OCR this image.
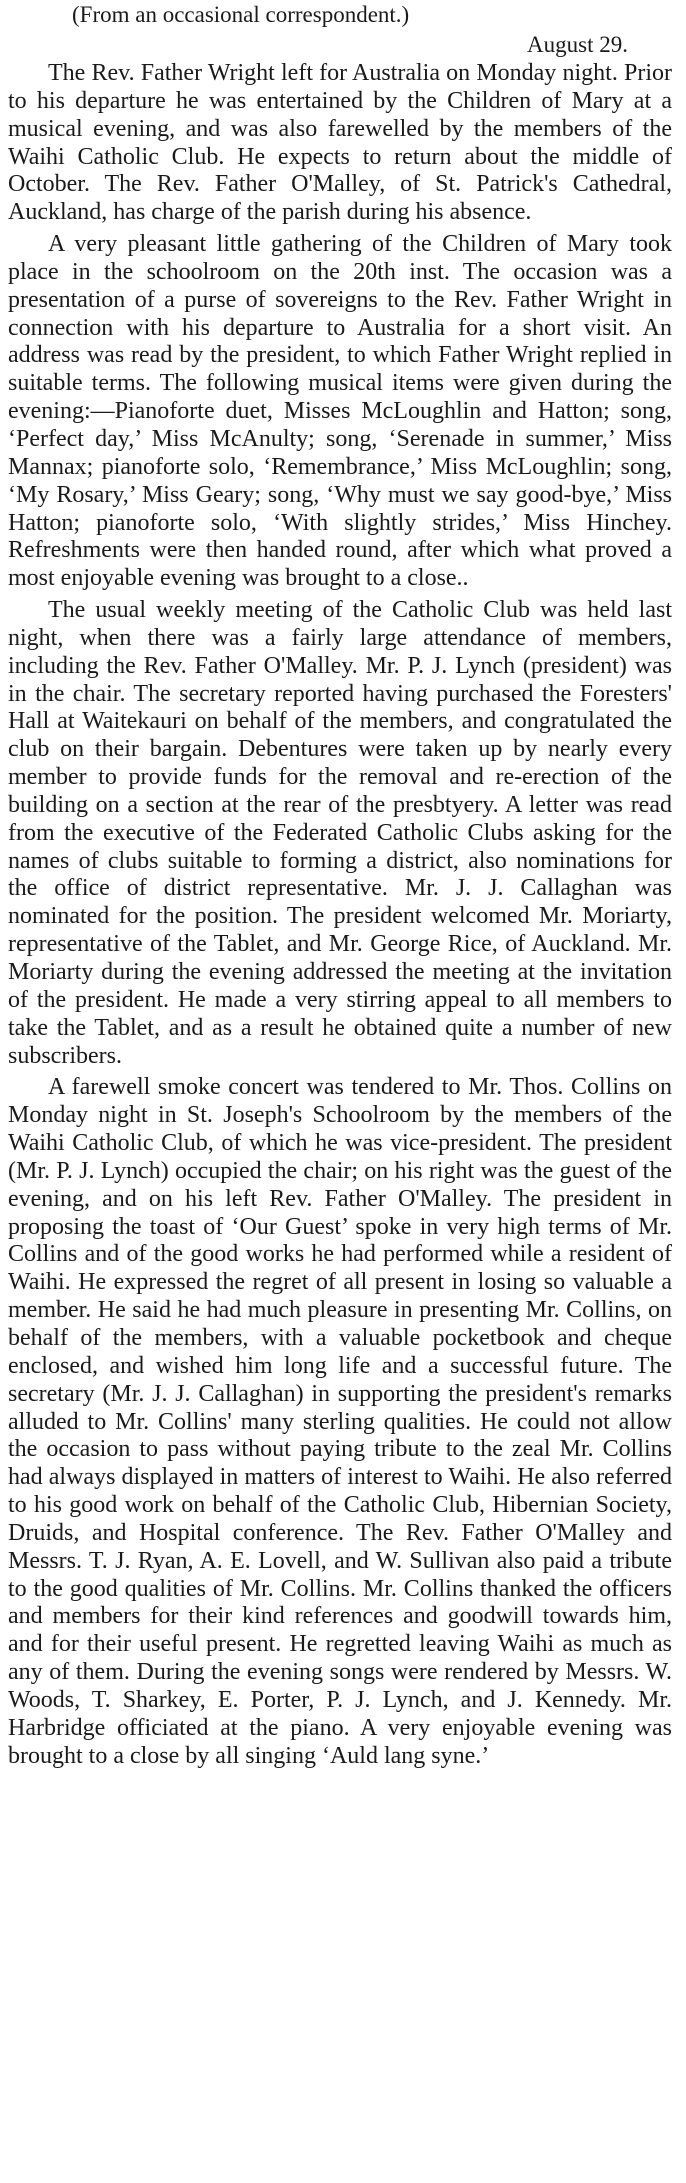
(From an occasional correspondent.)

August 29.

The Rev. Father Wright left for Australia on Monday night. Prior to his departure he was entertained by the Children of Mary at a musical evening, and was also farewelled by the members of the Waihi Catholic Club. He expects to return about the middle of October. The Rev. Father O'Malley, of St. Patrick's Cathedral, Auckland, has charge of the parish during his absence.

A very pleasant little gathering of the Children of Mary took place in the schoolroom on the 20th inst. The occasion was a presentation of a purse of sovereigns to the Rev. Father Wright in connection with his departure to Australia for a short visit. An address was read by the president, to which Father Wright replied in suitable terms. The following musical items were given during the evening:—Pianoforte duet, Misses McLoughlin and Hatton; song, ‘Perfect day,’ Miss McAnulty; song, ‘Serenade in summer,’ Miss Mannax; pianoforte solo, ‘Remembrance,’ Miss McLoughlin; song, ‘My Rosary,’ Miss Geary; song, ‘Why must we say good-bye,’ Miss Hatton; pianoforte solo, ‘With slightly strides,’ Miss Hinchey. Refreshments were then handed round, after which what proved a most enjoyable evening was brought to a close..

The usual weekly meeting of the Catholic Club was held last night, when there was a fairly large attendance of members, including the Rev. Father O'Malley. Mr. P. J. Lynch (president) was in the chair. The secretary reported having purchased the Foresters' Hall at Waitekauri on behalf of the members, and congratulated the club on their bargain. Debentures were taken up by nearly every member to provide funds for the removal and re-erection of the building on a section at the rear of the presbtyery. A letter was read from the executive of the Federated Catholic Clubs asking for the names of clubs suitable to forming a district, also nominations for the office of district representative. Mr. J. J. Callaghan was nominated for the position. The president welcomed Mr. Moriarty, representative of the Tablet, and Mr. George Rice, of Auckland. Mr. Moriarty during the evening addressed the meeting at the invitation of the president. He made a very stirring appeal to all members to take the Tablet, and as a result he obtained quite a number of new subscribers.

A farewell smoke concert was tendered to Mr. Thos. Collins on Monday night in St. Joseph's Schoolroom by the members of the Waihi Catholic Club, of which he was vice-president. The president (Mr. P. J. Lynch) occupied the chair; on his right was the guest of the evening, and on his left Rev. Father O'Malley. The president in proposing the toast of ‘Our Guest’ spoke in very high terms of Mr. Collins and of the good works he had performed while a resident of Waihi. He expressed the regret of all present in losing so valuable a member. He said he had much pleasure in presenting Mr. Collins, on behalf of the members, with a valuable pocketbook and cheque enclosed, and wished him long life and a successful future. The secretary (Mr. J. J. Callaghan) in supporting the president's remarks alluded to Mr. Collins' many sterling qualities. He could not allow the occasion to pass without paying tribute to the zeal Mr. Collins had always displayed in matters of interest to Waihi. He also referred to his good work on behalf of the Catholic Club, Hibernian Society, Druids, and Hospital conference. The Rev. Father O'Malley and Messrs. T. J. Ryan, A. E. Lovell, and W. Sullivan also paid a tribute to the good qualities of Mr. Collins. Mr. Collins thanked the officers and members for their kind references and goodwill towards him, and for their useful present. He regretted leaving Waihi as much as any of them. During the evening songs were rendered by Messrs. W. Woods, T. Sharkey, E. Porter, P. J. Lynch, and J. Kennedy. Mr. Harbridge officiated at the piano. A very enjoyable evening was brought to a close by all singing ‘Auld lang syne.’
